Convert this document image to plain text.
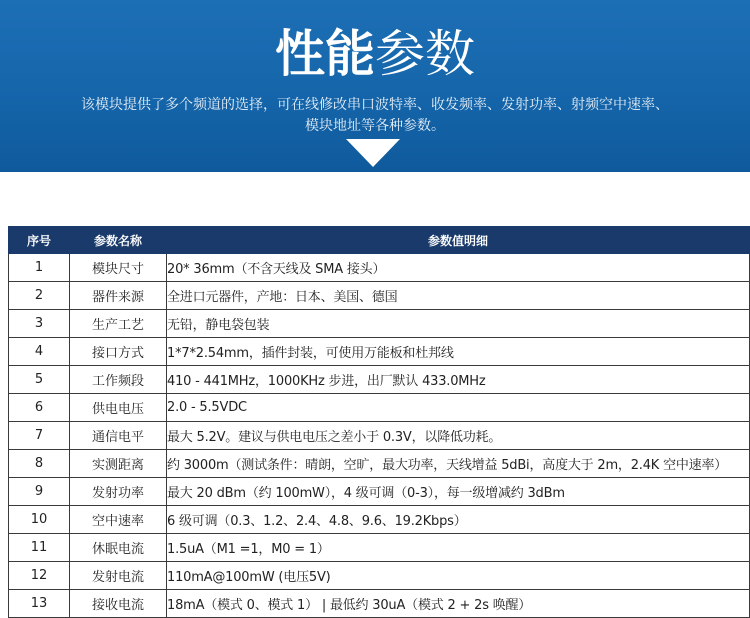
性能参数
该模块提供了多个频道的选择，可在线修改串口波特率、收发频率、发射功率、射频空中速率、模块地址等各种参数。
序号	参数名称	参数值明细
1	模块尺寸	20* 36mm（不含天线及 SMA 接头）
2	器件来源	全进口元器件，产地：日本、美国、德国
3	生产工艺	无铅，静电袋包装
4	接口方式	1*7*2.54mm，插件封装，可使用万能板和杜邦线
5	工作频段	410 - 441MHz，1000KHz 步进，出厂默认 433.0MHz
6	供电电压	2.0 - 5.5VDC
7	通信电平	最大 5.2V。建议与供电电压之差小于 0.3V，以降低功耗。
8	实测距离	约 3000m（测试条件：晴朗，空旷，最大功率，天线增益 5dBi，高度大于 2m，2.4K 空中速率）
9	发射功率	最大 20 dBm（约 100mW），4 级可调（0-3），每一级增减约 3dBm
10	空中速率	6 级可调（0.3、1.2、2.4、4.8、9.6、19.2Kbps）
11	休眠电流	1.5uA（M1 =1，M0 = 1）
12	发射电流	110mA@100mW (电压5V)
13	接收电流	18mA（模式 0、模式 1） | 最低约 30uA（模式 2 + 2s 唤醒）
